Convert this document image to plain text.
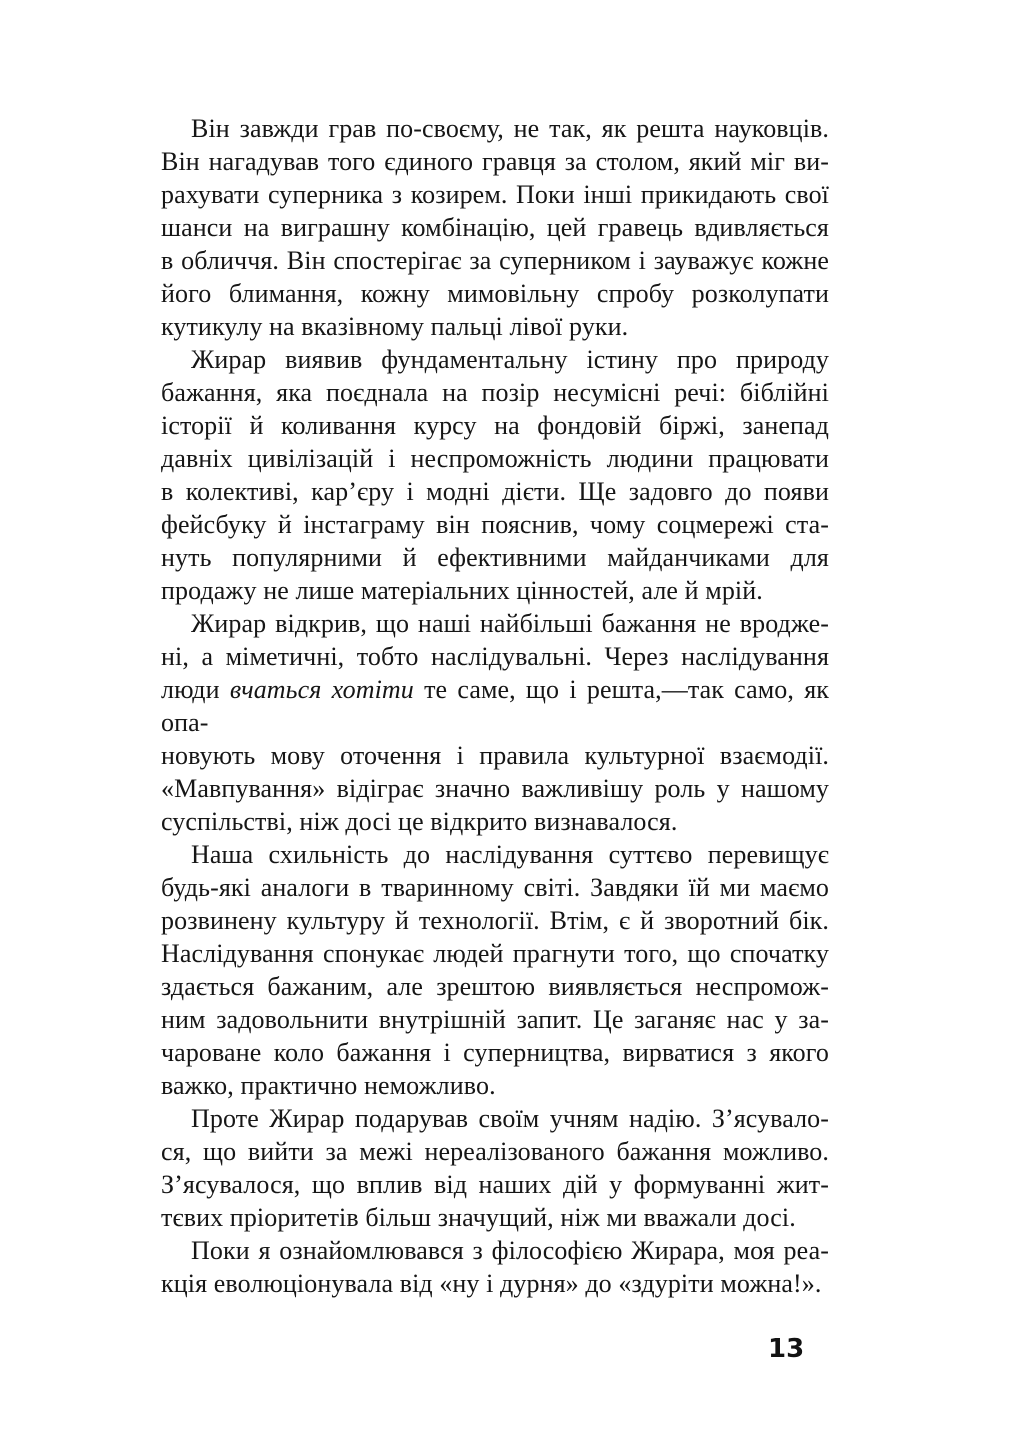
Він завжди грав по-своєму, не так, як решта науковців.
Він нагадував того єдиного гравця за столом, який міг ви-
рахувати суперника з козирем. Поки інші прикидають свої
шанси на виграшну комбінацію, цей гравець вдивляється
в обличчя. Він спостерігає за суперником і зауважує кожне
його блимання, кожну мимовільну спробу розколупати
кутикулу на вказівному пальці лівої руки.
Жирар виявив фундаментальну істину про природу
бажання, яка поєднала на позір несумісні речі: біблійні
історії й коливання курсу на фондовій біржі, занепад
давніх цивілізацій і неспроможність людини працювати
в колективі, кар’єру і модні дієти. Ще задовго до появи
фейсбуку й інстаграму він пояснив, чому соцмережі ста-
нуть популярними й ефективними майданчиками для
продажу не лише матеріальних цінностей, але й мрій.
Жирар відкрив, що наші найбільші бажання не вродже-
ні, а міметичні, тобто наслідувальні. Через наслідування
люди вчаться хотіти те саме, що і решта,—так само, як опа-
новують мову оточення і правила культурної взаємодії.
«Мавпування» відіграє значно важливішу роль у нашому
суспільстві, ніж досі це відкрито визнавалося.
Наша схильність до наслідування суттєво перевищує
будь-які аналоги в тваринному світі. Завдяки їй ми маємо
розвинену культуру й технології. Втім, є й зворотний бік.
Наслідування спонукає людей прагнути того, що спочатку
здається бажаним, але зрештою виявляється неспромож-
ним задовольнити внутрішній запит. Це заганяє нас у за-
чароване коло бажання і суперництва, вирватися з якого
важко, практично неможливо.
Проте Жирар подарував своїм учням надію. З’ясувало-
ся, що вийти за межі нереалізованого бажання можливо.
З’ясувалося, що вплив від наших дій у формуванні жит-
тєвих пріоритетів більш значущий, ніж ми вважали досі.
Поки я ознайомлювався з філософією Жирара, моя реа-
кція еволюціонувала від «ну і дурня» до «здуріти можна!».
13
